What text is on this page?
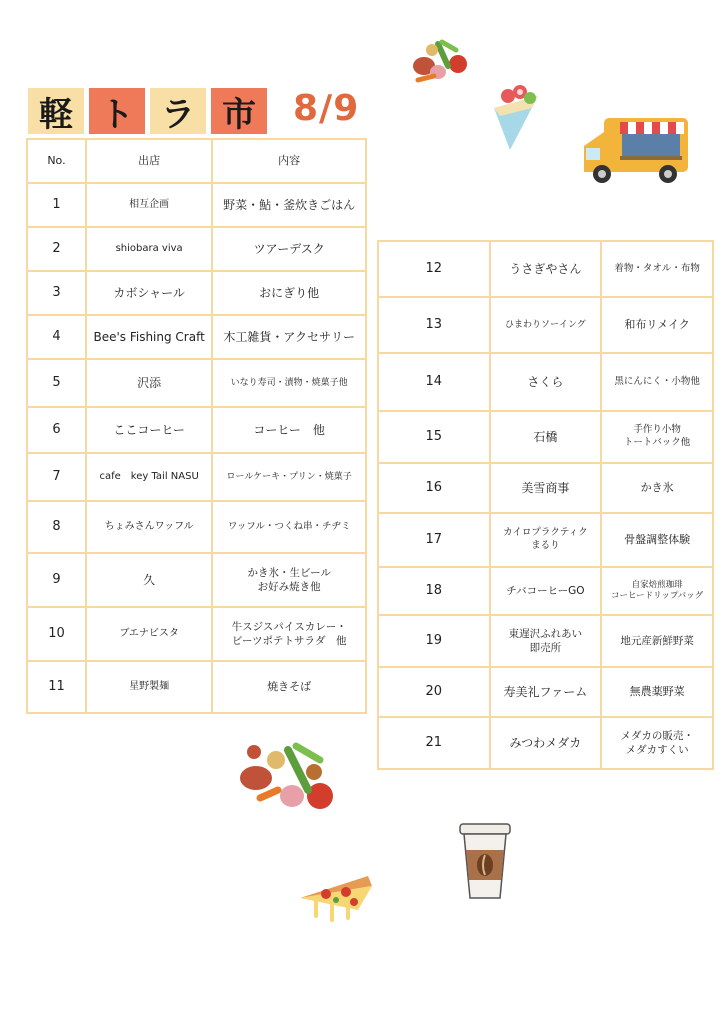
軽 ト ラ 市	8/9
No.	出店	内容
1	相互企画	野菜・鮎・釜炊きごはん
2	shiobara viva	ツアーデスク
3	カボシャール	おにぎり他
4	Bee's Fishing Craft	木工雑貨・アクセサリー
5	沢添	いなり寿司・漬物・焼菓子他
6	ここコーヒー	コーヒー　他
7	cafe　key Tail NASU	ロールケーキ・プリン・焼菓子
8	ちょみさんワッフル	ワッフル・つくね串・チヂミ
9	久	かき氷・生ビール
お好み焼き他
10	ブエナビスタ	牛スジスパイスカレー・
ビーツポテトサラダ　他
11	星野製麺	焼きそば
12	うさぎやさん	着物・タオル・布物
13	ひまわりソーイング	和布リメイク
14	さくら	黒にんにく・小物他
15	石橋	手作り小物
トートバック他
16	美雪商事	かき氷
17	カイロプラクティク
まるり	骨盤調整体験
18	チバコーヒーGO	自家焙煎珈琲
コーヒードリップバッグ
19	東遅沢ふれあい
即売所	地元産新鮮野菜
20	寿美礼ファーム	無農薬野菜
21	みつわメダカ	メダカの販売・
メダカすくい
